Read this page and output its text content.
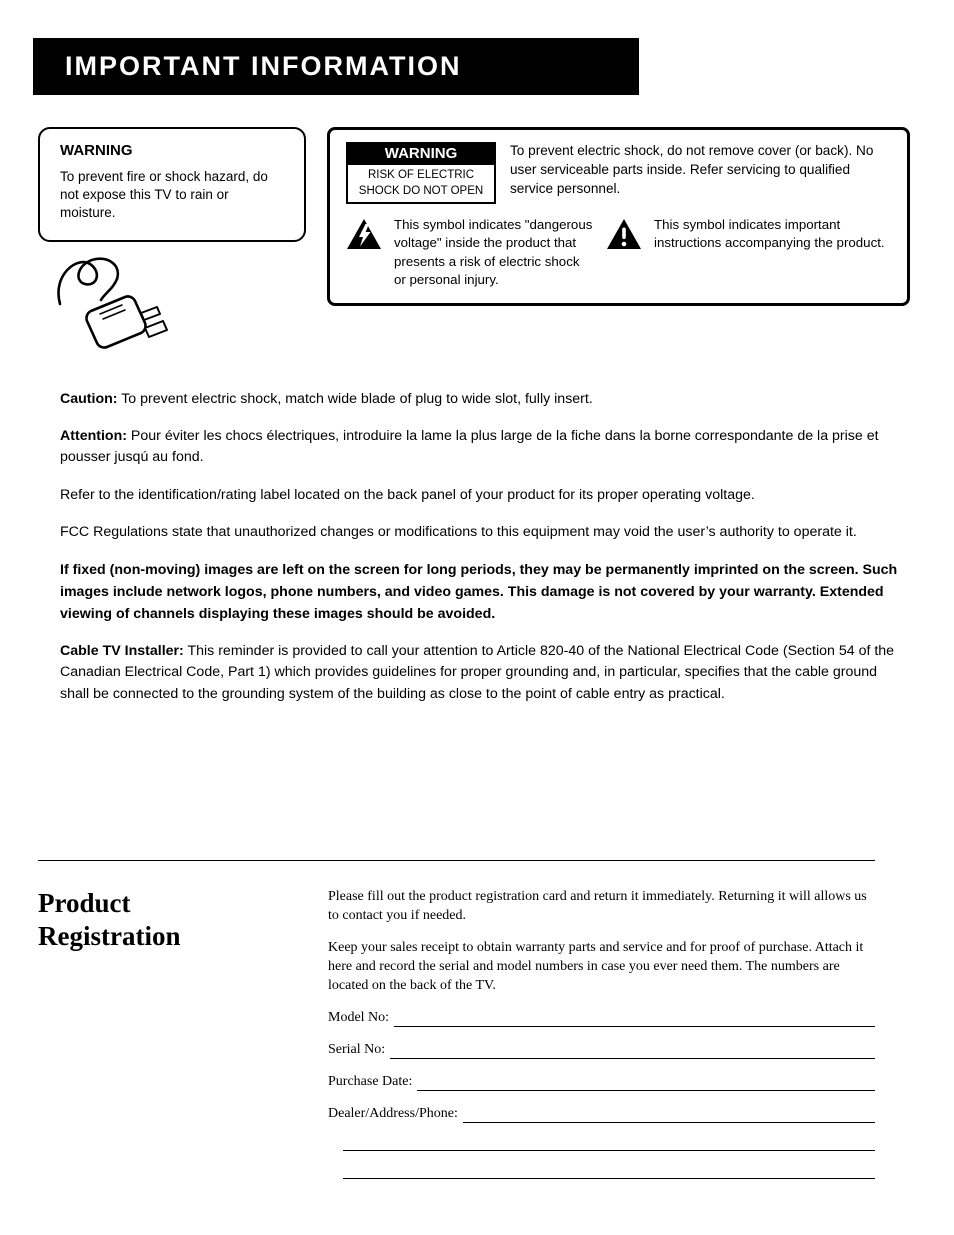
IMPORTANT INFORMATION
WARNING
To prevent fire or shock hazard, do not expose this TV to rain or moisture.
WARNING
RISK OF ELECTRIC SHOCK DO NOT OPEN
To prevent electric shock, do not remove cover (or back). No user serviceable parts inside. Refer servicing to qualified service personnel.
This symbol indicates "dangerous voltage" inside the product that presents a risk of electric shock or personal injury.
This symbol indicates important instructions accompanying the product.

Caution: To prevent electric shock, match wide blade of plug to wide slot, fully insert.

Attention: Pour éviter les chocs électriques, introduire la lame la plus large de la fiche dans la borne correspondante de la prise et pousser jusqú au fond.

Refer to the identification/rating label located on the back panel of your product for its proper operating voltage.

FCC Regulations state that unauthorized changes or modifications to this equipment may void the user’s authority to operate it.

If fixed (non-moving) images are left on the screen for long periods, they may be permanently imprinted on the screen. Such images include network logos, phone numbers, and video games. This damage is not covered by your warranty. Extended viewing of channels displaying these images should be avoided.

Cable TV Installer: This reminder is provided to call your attention to Article 820-40 of the National Electrical Code (Section 54 of the Canadian Electrical Code, Part 1) which provides guidelines for proper grounding and, in particular, specifies that the cable ground shall be connected to the grounding system of the building as close to the point of cable entry as practical.

Product
Registration

Please fill out the product registration card and return it immediately. Returning it will allows us to contact you if needed.

Keep your sales receipt to obtain warranty parts and service and for proof of purchase. Attach it here and record the serial and model numbers in case you ever need them. The numbers are located on the back of the TV.

Model No:
Serial No:
Purchase Date:
Dealer/Address/Phone:
